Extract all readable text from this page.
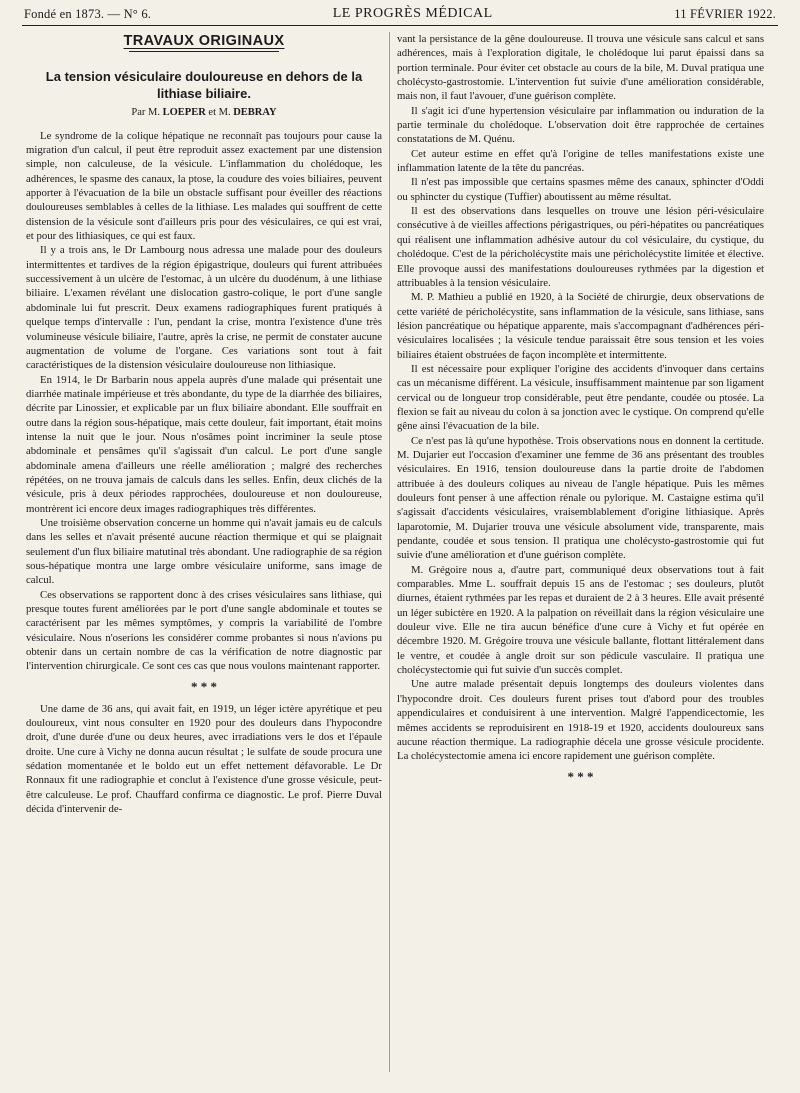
Fondé en 1873. — N° 6.	LE PROGRÈS MÉDICAL	11 FÉVRIER 1922.
TRAVAUX ORIGINAUX
La tension vésiculaire douloureuse en dehors de la lithiase biliaire.
Par M. LOEPER et M. DEBRAY

Le syndrome de la colique hépatique ne reconnaît pas toujours pour cause la migration d'un calcul, il peut être reproduit assez exactement par une distension simple, non calculeuse, de la vésicule. L'inflammation du cholédoque, les adhérences, le spasme des canaux, la ptose, la coudure des voies biliaires, peuvent apporter à l'évacuation de la bile un obstacle suffisant pour éveiller des réactions douloureuses semblables à celles de la lithiase. Les malades qui souffrent de cette distension de la vésicule sont d'ailleurs pris pour des vésiculaires, ce qui est vrai, et pour des lithiasiques, ce qui est faux.

Il y a trois ans, le Dr Lambourg nous adressa une malade pour des douleurs intermittentes et tardives de la région épigastrique, douleurs qui furent attribuées successivement à un ulcère de l'estomac, à un ulcère du duodénum, à une lithiase biliaire. L'examen révélant une dislocation gastro-colique, le port d'une sangle abdominale lui fut prescrit. Deux examens radiographiques furent pratiqués à quelque temps d'intervalle : l'un, pendant la crise, montra l'existence d'une très volumineuse vésicule biliaire, l'autre, après la crise, ne permit de constater aucune augmentation de volume de l'organe. Ces variations sont tout à fait caractéristiques de la distension vésiculaire douloureuse non lithiasique.

En 1914, le Dr Barbarin nous appela auprès d'une malade qui présentait une diarrhée matinale impérieuse et très abondante, du type de la diarrhée des biliaires, décrite par Linossier, et explicable par un flux biliaire abondant. Elle souffrait en outre dans la région sous-hépatique, mais cette douleur, fait important, était moins intense la nuit que le jour. Nous n'osâmes point incriminer la seule ptose abdominale et pensâmes qu'il s'agissait d'un calcul. Le port d'une sangle abdominale amena d'ailleurs une réelle amélioration ; malgré des recherches répétées, on ne trouva jamais de calculs dans les selles. Enfin, deux clichés de la vésicule, pris à deux périodes rapprochées, douloureuse et non douloureuse, montrèrent ici encore deux images radiographiques très différentes.

Une troisième observation concerne un homme qui n'avait jamais eu de calculs dans les selles et n'avait présenté aucune réaction thermique et qui se plaignait seulement d'un flux biliaire matutinal très abondant. Une radiographie de sa région sous-hépatique montra une large ombre vésiculaire uniforme, sans image de calcul.

Ces observations se rapportent donc à des crises vésiculaires sans lithiase, qui presque toutes furent améliorées par le port d'une sangle abdominale et toutes se caractérisent par les mêmes symptômes, y compris la variabilité de l'ombre vésiculaire. Nous n'oserions les considérer comme probantes si nous n'avions pu obtenir dans un certain nombre de cas la vérification de notre diagnostic par l'intervention chirurgicale. Ce sont ces cas que nous voulons maintenant rapporter.

* * *

Une dame de 36 ans, qui avait fait, en 1919, un léger ictère apyrétique et peu douloureux, vint nous consulter en 1920 pour des douleurs dans l'hypocondre droit, d'une durée d'une ou deux heures, avec irradiations vers le dos et l'épaule droite. Une cure à Vichy ne donna aucun résultat ; le sulfate de soude procura une sédation momentanée et le boldo eut un effet nettement défavorable. Le Dr Ronnaux fit une radiographie et conclut à l'existence d'une grosse vésicule, peut-être calculeuse. Le prof. Chauffard confirma ce diagnostic. Le prof. Pierre Duval décida d'intervenir de-

vant la persistance de la gêne douloureuse. Il trouva une vésicule sans calcul et sans adhérences, mais à l'exploration digitale, le cholédoque lui parut épaissi dans sa portion terminale. Pour éviter cet obstacle au cours de la bile, M. Duval pratiqua une cholécysto-gastrostomie. L'intervention fut suivie d'une amélioration considérable, mais non, il faut l'avouer, d'une guérison complète.

Il s'agit ici d'une hypertension vésiculaire par inflammation ou induration de la partie terminale du cholédoque. L'observation doit être rapprochée de certaines constatations de M. Quénu.

Cet auteur estime en effet qu'à l'origine de telles manifestations existe une inflammation latente de la tête du pancréas.

Il n'est pas impossible que certains spasmes même des canaux, sphincter d'Oddi ou sphincter du cystique (Tuffier) aboutissent au même résultat.

Il est des observations dans lesquelles on trouve une lésion péri-vésiculaire consécutive à de vieilles affections périgastriques, ou péri-hépatites ou pancréatiques qui réalisent une inflammation adhésive autour du col vésiculaire, du cystique, du cholédoque. C'est de la péricholécystite mais une péricholécystite limitée et élective. Elle provoque aussi des manifestations douloureuses rythmées par la digestion et attribuables à la tension vésiculaire.

M. P. Mathieu a publié en 1920, à la Société de chirurgie, deux observations de cette variété de péricholécystite, sans inflammation de la vésicule, sans lithiase, sans lésion pancréatique ou hépatique apparente, mais s'accompagnant d'adhérences péri-vésiculaires localisées ; la vésicule tendue paraissait être sous tension et les voies biliaires étaient obstruées de façon incomplète et intermittente.

Il est nécessaire pour expliquer l'origine des accidents d'invoquer dans certains cas un mécanisme différent. La vésicule, insuffisamment maintenue par son ligament cervical ou de longueur trop considérable, peut être pendante, coudée ou ptosée. La flexion se fait au niveau du colon à sa jonction avec le cystique. On comprend qu'elle gêne ainsi l'évacuation de la bile.

Ce n'est pas là qu'une hypothèse. Trois observations nous en donnent la certitude. M. Dujarier eut l'occasion d'examiner une femme de 36 ans présentant des troubles vésiculaires. En 1916, tension douloureuse dans la partie droite de l'abdomen attribuée à des douleurs coliques au niveau de l'angle hépatique. Puis les mêmes douleurs font penser à une affection rénale ou pylorique. M. Castaigne estima qu'il s'agissait d'accidents vésiculaires, vraisemblablement d'origine lithiasique. Après laparotomie, M. Dujarier trouva une vésicule absolument vide, transparente, mais pendante, coudée et sous tension. Il pratiqua une cholécysto-gastrostomie qui fut suivie d'une amélioration et d'une guérison complète.

M. Grégoire nous a, d'autre part, communiqué deux observations tout à fait comparables. Mme L. souffrait depuis 15 ans de l'estomac ; ses douleurs, plutôt diurnes, étaient rythmées par les repas et duraient de 2 à 3 heures. Elle avait présenté un léger subictère en 1920. A la palpation on réveillait dans la région vésiculaire une douleur vive. Elle ne tira aucun bénéfice d'une cure à Vichy et fut opérée en décembre 1920. M. Grégoire trouva une vésicule ballante, flottant littéralement dans le ventre, et coudée à angle droit sur son pédicule vasculaire. Il pratiqua une cholécystectomie qui fut suivie d'un succès complet.

Une autre malade présentait depuis longtemps des douleurs violentes dans l'hypocondre droit. Ces douleurs furent prises tout d'abord pour des troubles appendiculaires et conduisirent à une intervention. Malgré l'appendicectomie, les mêmes accidents se reproduisirent en 1918-19 et 1920, accidents douloureux sans aucune réaction thermique. La radiographie décela une grosse vésicule procidente. La cholécystectomie amena ici encore rapidement une guérison complète.

* * *
